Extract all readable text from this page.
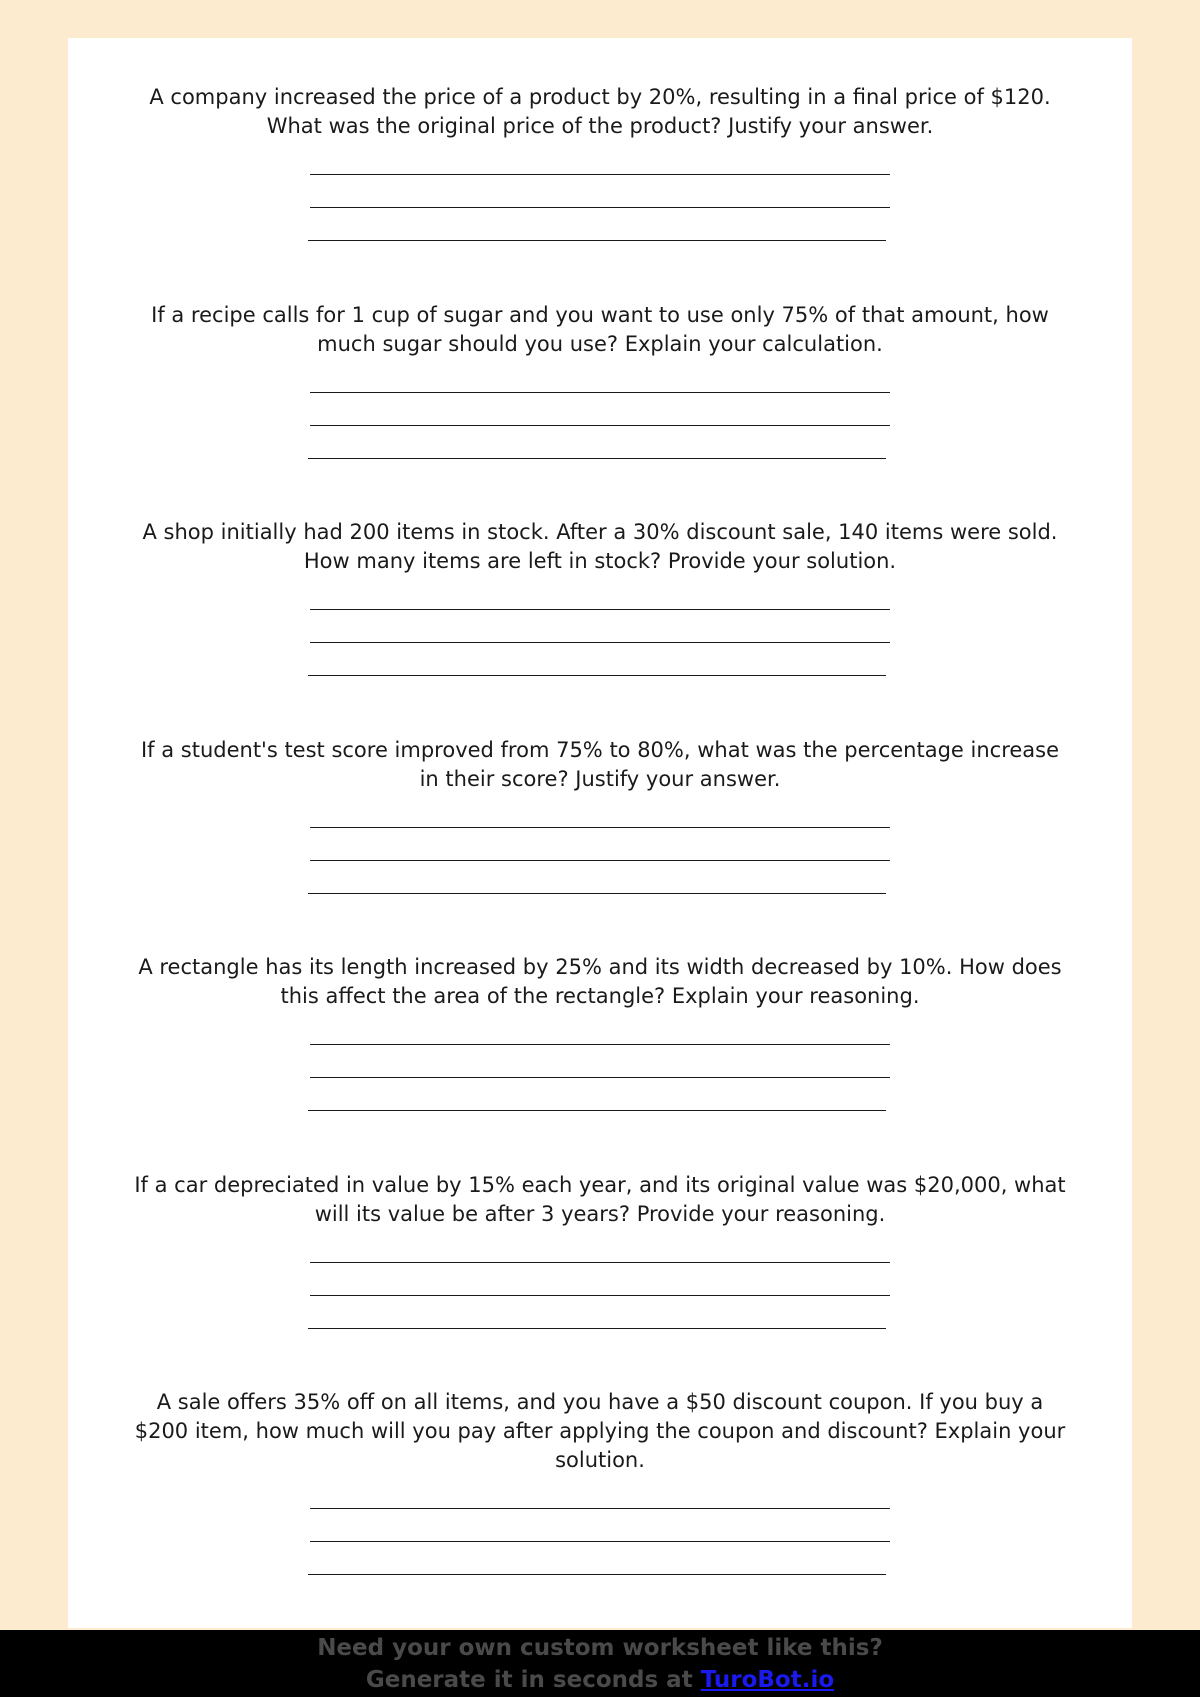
A company increased the price of a product by 20%, resulting in a final price of $120. What was the original price of the product? Justify your answer.
If a recipe calls for 1 cup of sugar and you want to use only 75% of that amount, how much sugar should you use? Explain your calculation.
A shop initially had 200 items in stock. After a 30% discount sale, 140 items were sold. How many items are left in stock? Provide your solution.
If a student's test score improved from 75% to 80%, what was the percentage increase in their score? Justify your answer.
A rectangle has its length increased by 25% and its width decreased by 10%. How does this affect the area of the rectangle? Explain your reasoning.
If a car depreciated in value by 15% each year, and its original value was $20,000, what will its value be after 3 years? Provide your reasoning.
A sale offers 35% off on all items, and you have a $50 discount coupon. If you buy a $200 item, how much will you pay after applying the coupon and discount? Explain your solution.
Need your own custom worksheet like this?
Generate it in seconds at TuroBot.io
